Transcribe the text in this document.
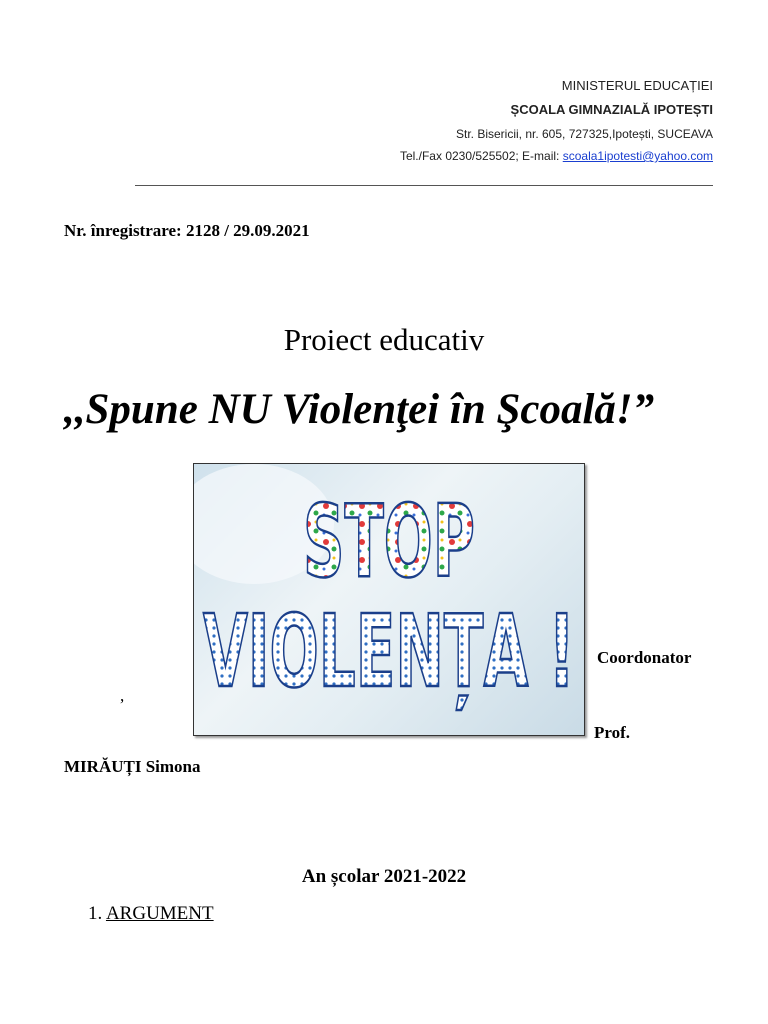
MINISTERUL EDUCAȚIEI
ȘCOALA GIMNAZIALĂ IPOTEȘTI
Str. Bisericii, nr. 605, 727325,Ipotești, SUCEAVA
Tel./Fax 0230/525502; E-mail: scoala1ipotesti@yahoo.com
Nr. înregistrare: 2128 / 29.09.2021
Proiect educativ
,,Spune NU Violenţei în Şcoală!”
STOP
VIOLENȚA ! Coordonator
,
Prof.
MIRĂUȚI Simona
An școlar 2021-2022
1. ARGUMENT
